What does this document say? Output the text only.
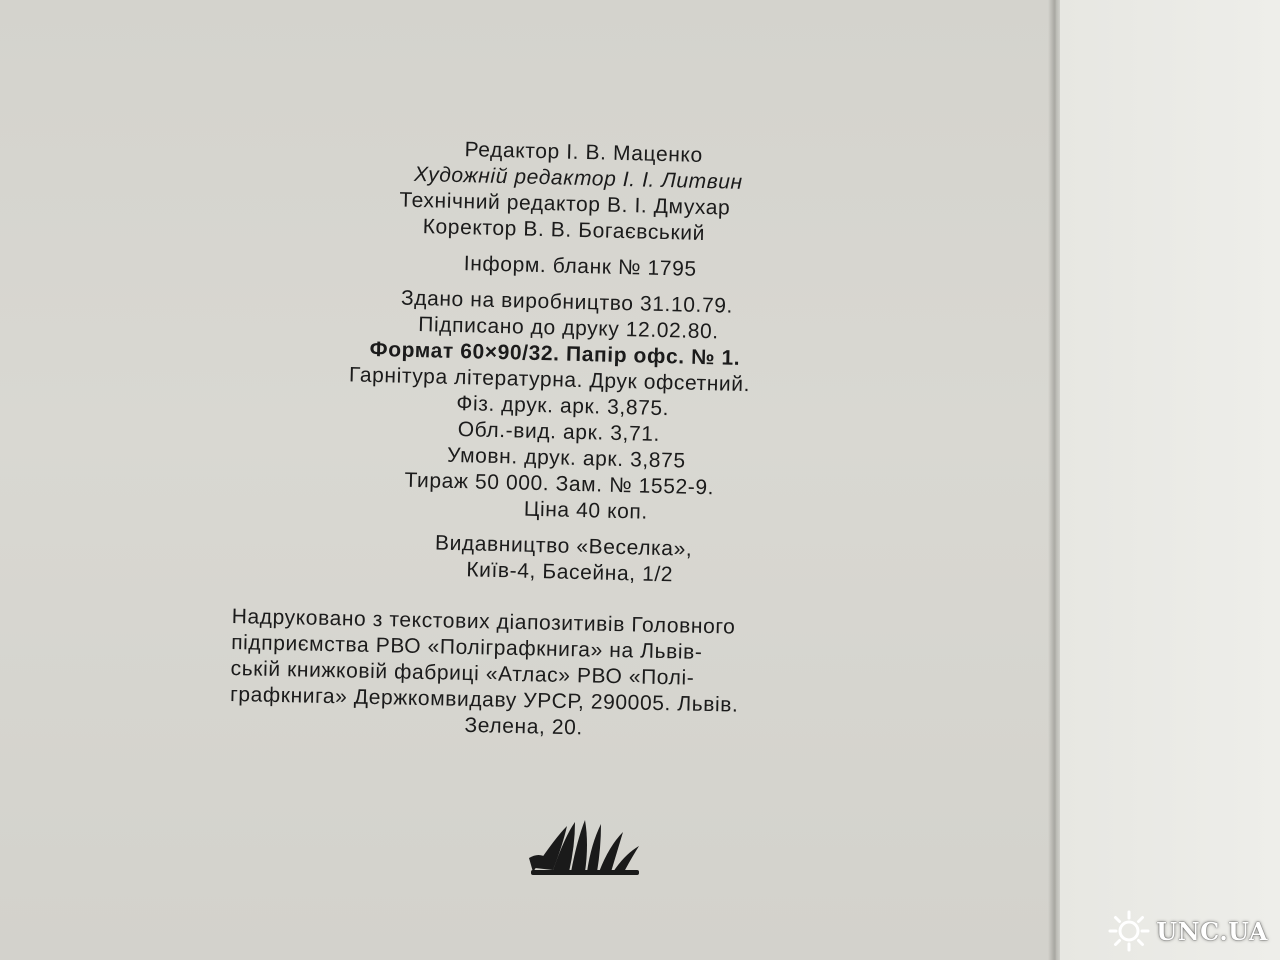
Редактор І. В. Маценко
Художній редактор І. І. Литвин
Технічний редактор В. І. Дмухар
Коректор В. В. Богаєвський
Інформ. бланк № 1795
Здано на виробництво 31.10.79.
Підписано до друку 12.02.80.
Формат 60×90/32. Папір офс. № 1.
Гарнітура літературна. Друк офсетний.
Фіз. друк. арк. 3,875.
Обл.-вид. арк. 3,71.
Умовн. друк. арк. 3,875
Тираж 50 000. Зам. № 1552-9.
Ціна 40 коп.
Видавництво «Веселка»,
Київ-4, Басейна, 1/2
Надруковано з текстових діапозитивів Головного
підприємства РВО «Поліграфкнига» на Львів-
ській книжковій фабриці «Атлас» РВО «Полі-
графкнига» Держкомвидаву УРСР, 290005. Львів.
Зелена, 20.
UNC.UA
